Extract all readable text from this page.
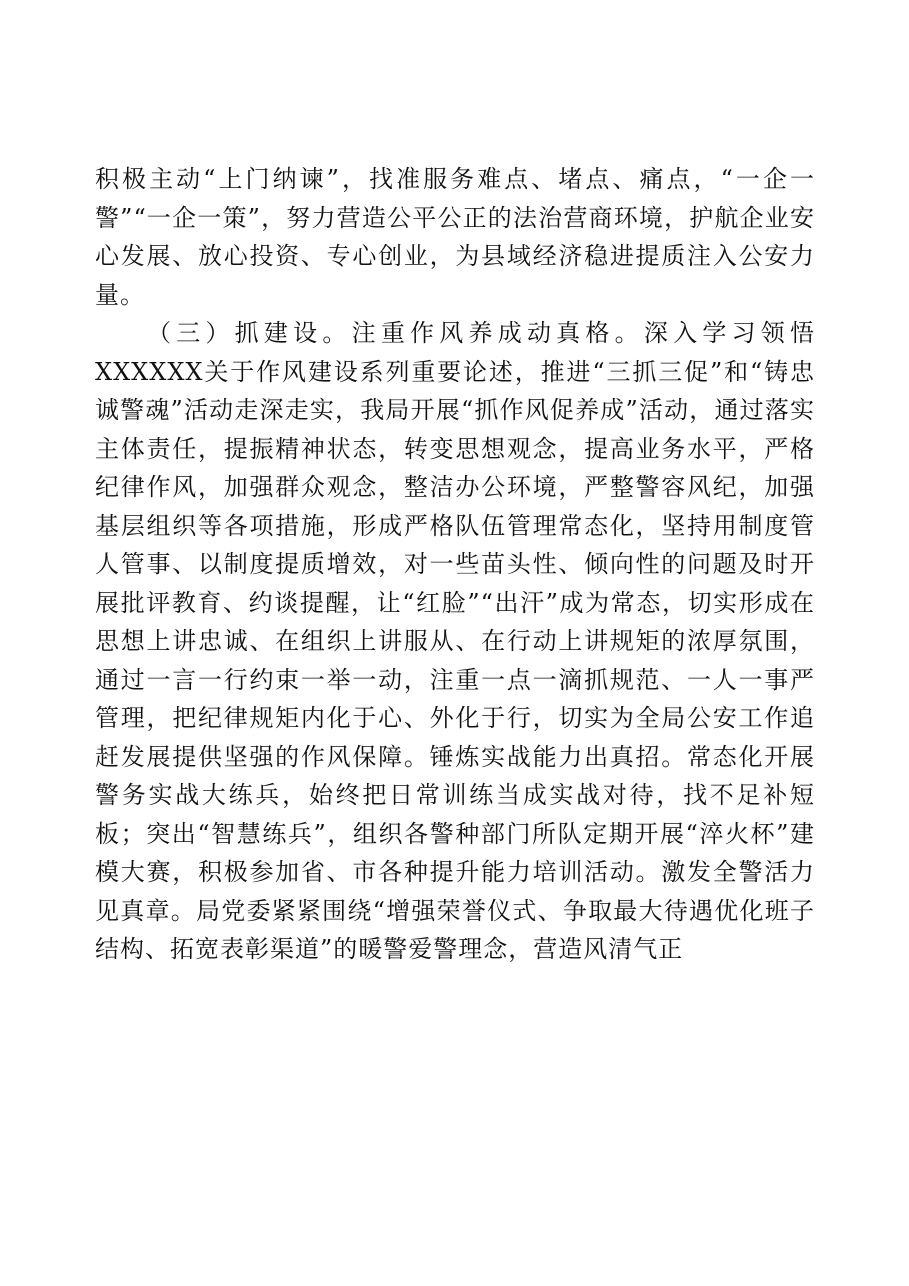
积极主动“上门纳谏”，找准服务难点、堵点、痛点，“一企一警”“一企一策”，努力营造公平公正的法治营商环境，护航企业安心发展、放心投资、专心创业，为县域经济稳进提质注入公安力量。

（三）抓建设。注重作风养成动真格。深入学习领悟XXXXXX关于作风建设系列重要论述，推进“三抓三促”和“铸忠诚警魂”活动走深走实，我局开展“抓作风促养成”活动，通过落实主体责任，提振精神状态，转变思想观念，提高业务水平，严格纪律作风，加强群众观念，整洁办公环境，严整警容风纪，加强基层组织等各项措施，形成严格队伍管理常态化，坚持用制度管人管事、以制度提质增效，对一些苗头性、倾向性的问题及时开展批评教育、约谈提醒，让“红脸”“出汗”成为常态，切实形成在思想上讲忠诚、在组织上讲服从、在行动上讲规矩的浓厚氛围，通过一言一行约束一举一动，注重一点一滴抓规范、一人一事严管理，把纪律规矩内化于心、外化于行，切实为全局公安工作追赶发展提供坚强的作风保障。锤炼实战能力出真招。常态化开展警务实战大练兵，始终把日常训练当成实战对待，找不足补短板；突出“智慧练兵”，组织各警种部门所队定期开展“淬火杯”建模大赛，积极参加省、市各种提升能力培训活动。激发全警活力见真章。局党委紧紧围绕“增强荣誉仪式、争取最大待遇优化班子结构、拓宽表彰渠道”的暖警爱警理念，营造风清气正
